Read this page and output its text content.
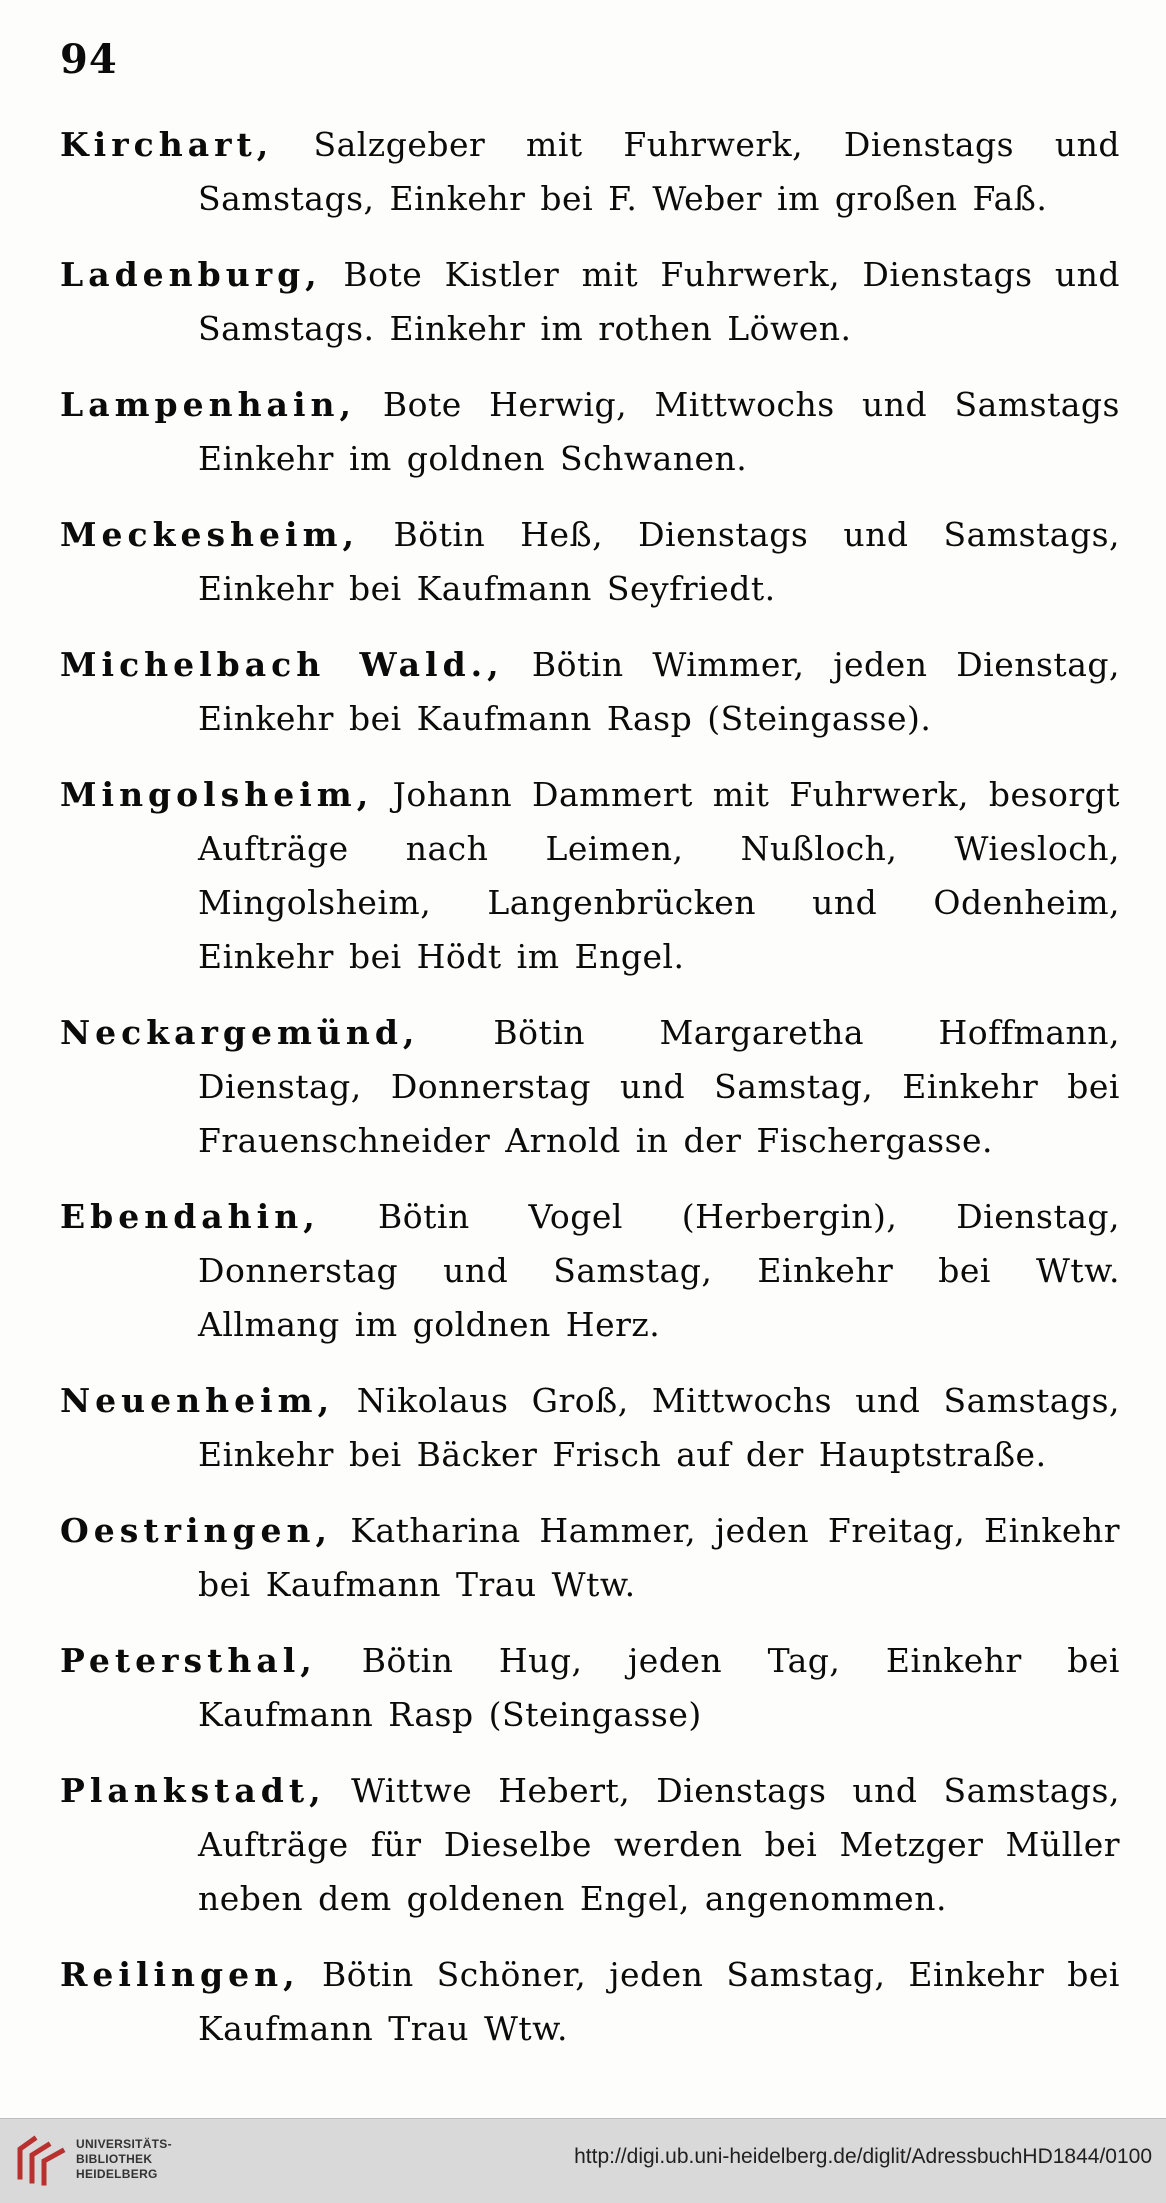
94
Kirchart, Salzgeber mit Fuhrwerk, Dienstags und Samstags, Einkehr bei F. Weber im großen Faß.
Ladenburg, Bote Kistler mit Fuhrwerk, Dienstags und Samstags. Einkehr im rothen Löwen.
Lampenhain, Bote Herwig, Mittwochs und Samstags Einkehr im goldnen Schwanen.
Meckesheim, Bötin Heß, Dienstags und Samstags, Einkehr bei Kaufmann Seyfriedt.
Michelbach Wald., Bötin Wimmer, jeden Dienstag, Einkehr bei Kaufmann Rasp (Steingasse).
Mingolsheim, Johann Dammert mit Fuhrwerk, besorgt Aufträge nach Leimen, Nußloch, Wiesloch, Mingolsheim, Langenbrücken und Odenheim, Einkehr bei Hödt im Engel.
Neckargemünd, Bötin Margaretha Hoffmann, Dienstag, Donnerstag und Samstag, Einkehr bei Frauenschneider Arnold in der Fischergasse.
Ebendahin, Bötin Vogel (Herbergin), Dienstag, Donnerstag und Samstag, Einkehr bei Wtw. Allmang im goldnen Herz.
Neuenheim, Nikolaus Groß, Mittwochs und Samstags, Einkehr bei Bäcker Frisch auf der Hauptstraße.
Oestringen, Katharina Hammer, jeden Freitag, Einkehr bei Kaufmann Trau Wtw.
Petersthal, Bötin Hug, jeden Tag, Einkehr bei Kaufmann Rasp (Steingasse)
Plankstadt, Wittwe Hebert, Dienstags und Samstags, Aufträge für Dieselbe werden bei Metzger Müller neben dem goldenen Engel, angenommen.
Reilingen, Bötin Schöner, jeden Samstag, Einkehr bei Kaufmann Trau Wtw.
UNIVERSITÄTS-
BIBLIOTHEK
HEIDELBERG
http://digi.ub.uni-heidelberg.de/diglit/AdressbuchHD1844/0100
